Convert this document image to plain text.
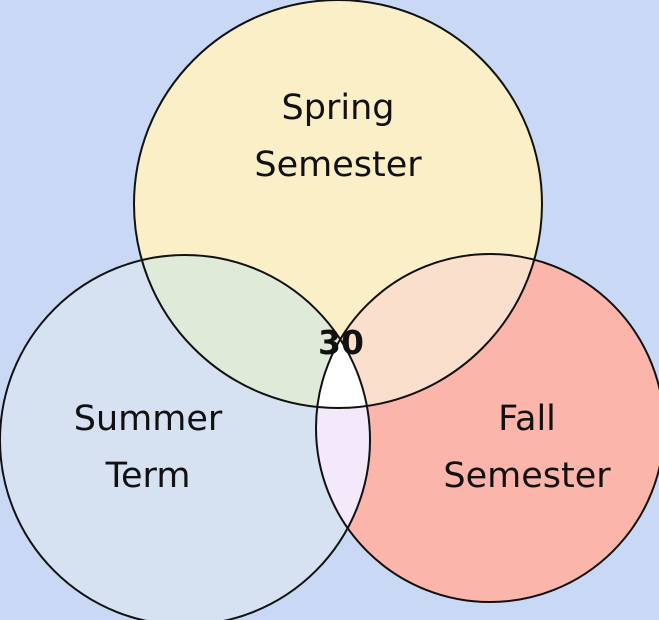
Spring
Semester
Summer
Term
Fall
Semester
30
